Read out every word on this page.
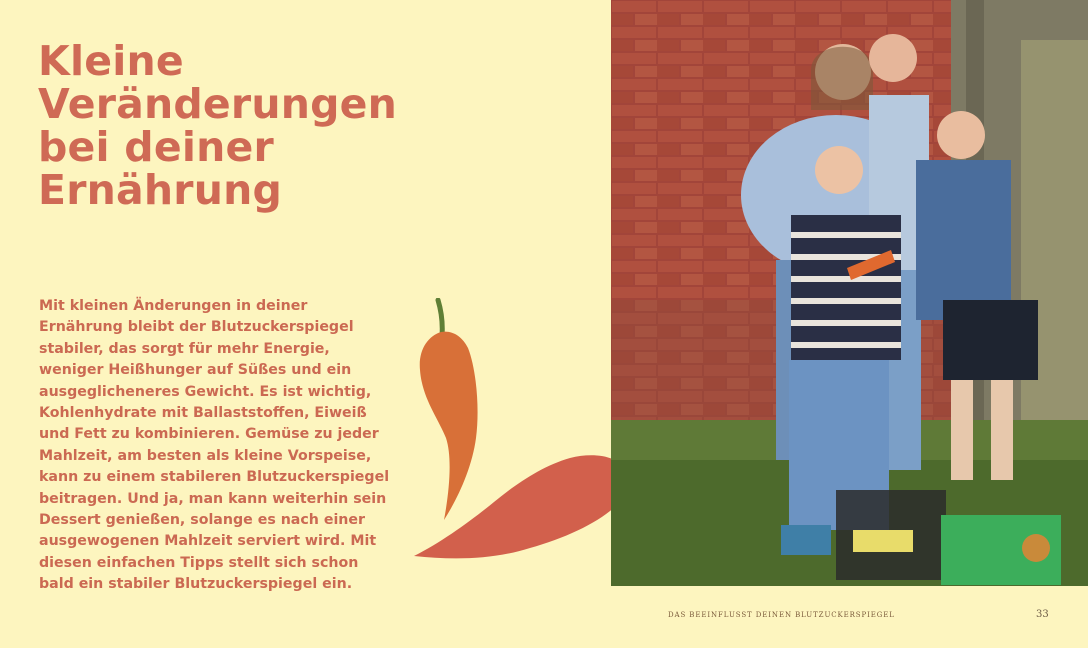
Kleine
Veränderungen
bei deiner
Ernährung

Mit kleinen Änderungen in deiner
Ernährung bleibt der Blutzuckerspiegel
stabiler, das sorgt für mehr Energie,
weniger Heißhunger auf Süßes und ein
ausgeglicheneres Gewicht. Es ist wichtig,
Kohlenhydrate mit Ballaststoffen, Eiweiß
und Fett zu kombinieren. Gemüse zu jeder
Mahlzeit, am besten als kleine Vorspeise,
kann zu einem stabileren Blutzuckerspiegel
beitragen. Und ja, man kann weiterhin sein
Dessert genießen, solange es nach einer
ausgewogenen Mahlzeit serviert wird. Mit
diesen einfachen Tipps stellt sich schon
bald ein stabiler Blutzuckerspiegel ein.

DAS BEEINFLUSST DEINEN BLUTZUCKERSPIEGEL	33
